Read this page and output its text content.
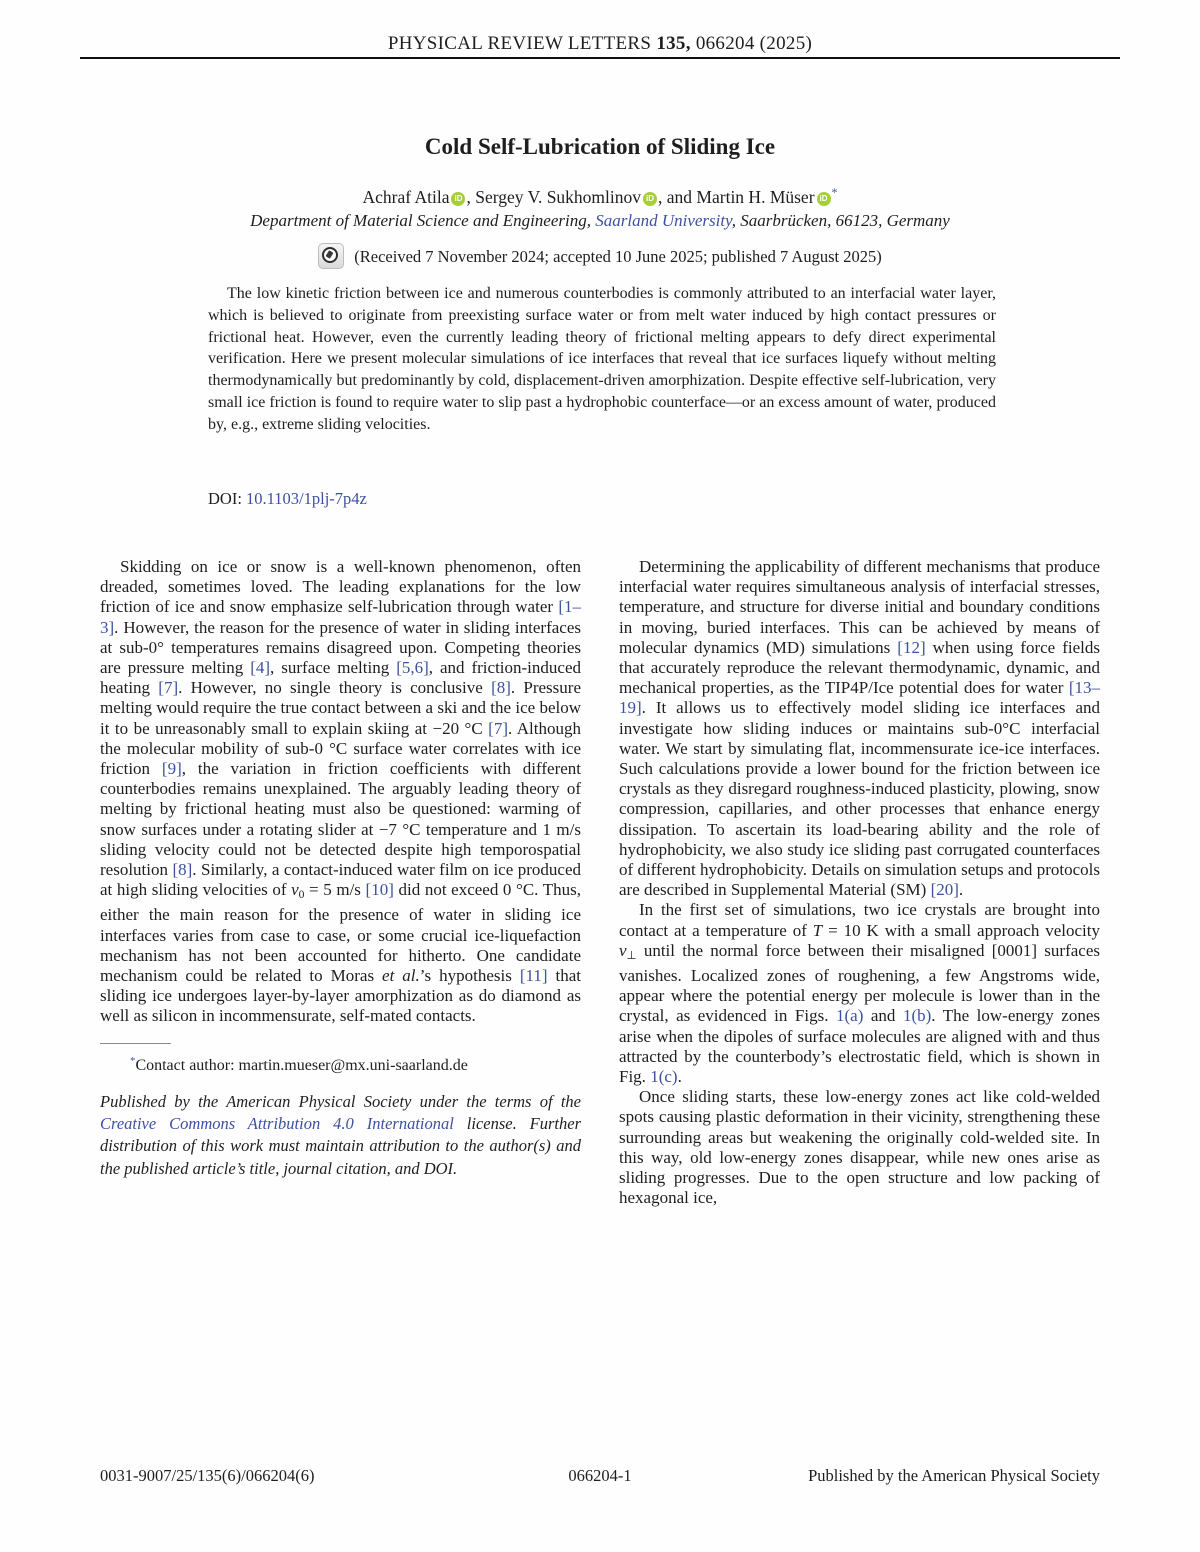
PHYSICAL REVIEW LETTERS 135, 066204 (2025)
Cold Self-Lubrication of Sliding Ice
Achraf Atila iD , Sergey V. Sukhomlinov iD , and Martin H. Müser iD *
Department of Material Science and Engineering, Saarland University, Saarbrücken, 66123, Germany
(Received 7 November 2024; accepted 10 June 2025; published 7 August 2025)

The low kinetic friction between ice and numerous counterbodies is commonly attributed to an interfacial water layer, which is believed to originate from preexisting surface water or from melt water induced by high contact pressures or frictional heat. However, even the currently leading theory of frictional melting appears to defy direct experimental verification. Here we present molecular simulations of ice interfaces that reveal that ice surfaces liquefy without melting thermodynamically but predominantly by cold, displacement-driven amorphization. Despite effective self-lubrication, very small ice friction is found to require water to slip past a hydrophobic counterface—or an excess amount of water, produced by, e.g., extreme sliding velocities.

DOI: 10.1103/1plj-7p4z

Skidding on ice or snow is a well-known phenomenon, often dreaded, sometimes loved. The leading explanations for the low friction of ice and snow emphasize self-lubrication through water [1–3]. However, the reason for the presence of water in sliding interfaces at sub-0° temperatures remains disagreed upon. Competing theories are pressure melting [4], surface melting [5,6], and friction-induced heating [7]. However, no single theory is conclusive [8]. Pressure melting would require the true contact between a ski and the ice below it to be unreasonably small to explain skiing at −20 °C [7]. Although the molecular mobility of sub-0 °C surface water correlates with ice friction [9], the variation in friction coefficients with different counterbodies remains unexplained. The arguably leading theory of melting by frictional heating must also be questioned: warming of snow surfaces under a rotating slider at −7 °C temperature and 1 m/s sliding velocity could not be detected despite high temporospatial resolution [8]. Similarly, a contact-induced water film on ice produced at high sliding velocities of v0 = 5 m/s [10] did not exceed 0 °C. Thus, either the main reason for the presence of water in sliding ice interfaces varies from case to case, or some crucial ice-liquefaction mechanism has not been accounted for hitherto. One candidate mechanism could be related to Moras et al.’s hypothesis [11] that sliding ice undergoes layer-by-layer amorphization as do diamond as well as silicon in incommensurate, self-mated contacts.

*Contact author: martin.mueser@mx.uni-saarland.de

Published by the American Physical Society under the terms of the Creative Commons Attribution 4.0 International license. Further distribution of this work must maintain attribution to the author(s) and the published article’s title, journal citation, and DOI.

Determining the applicability of different mechanisms that produce interfacial water requires simultaneous analysis of interfacial stresses, temperature, and structure for diverse initial and boundary conditions in moving, buried interfaces. This can be achieved by means of molecular dynamics (MD) simulations [12] when using force fields that accurately reproduce the relevant thermodynamic, dynamic, and mechanical properties, as the TIP4P/Ice potential does for water [13–19]. It allows us to effectively model sliding ice interfaces and investigate how sliding induces or maintains sub-0°C interfacial water. We start by simulating flat, incommensurate ice-ice interfaces. Such calculations provide a lower bound for the friction between ice crystals as they disregard roughness-induced plasticity, plowing, snow compression, capillaries, and other processes that enhance energy dissipation. To ascertain its load-bearing ability and the role of hydrophobicity, we also study ice sliding past corrugated counterfaces of different hydrophobicity. Details on simulation setups and protocols are described in Supplemental Material (SM) [20].

In the first set of simulations, two ice crystals are brought into contact at a temperature of T = 10 K with a small approach velocity v⊥ until the normal force between their misaligned [0001] surfaces vanishes. Localized zones of roughening, a few Angstroms wide, appear where the potential energy per molecule is lower than in the crystal, as evidenced in Figs. 1(a) and 1(b). The low-energy zones arise when the dipoles of surface molecules are aligned with and thus attracted by the counterbody’s electrostatic field, which is shown in Fig. 1(c).

Once sliding starts, these low-energy zones act like cold-welded spots causing plastic deformation in their vicinity, strengthening these surrounding areas but weakening the originally cold-welded site. In this way, old low-energy zones disappear, while new ones arise as sliding progresses. Due to the open structure and low packing of hexagonal ice,

0031-9007/25/135(6)/066204(6)	066204-1	Published by the American Physical Society
